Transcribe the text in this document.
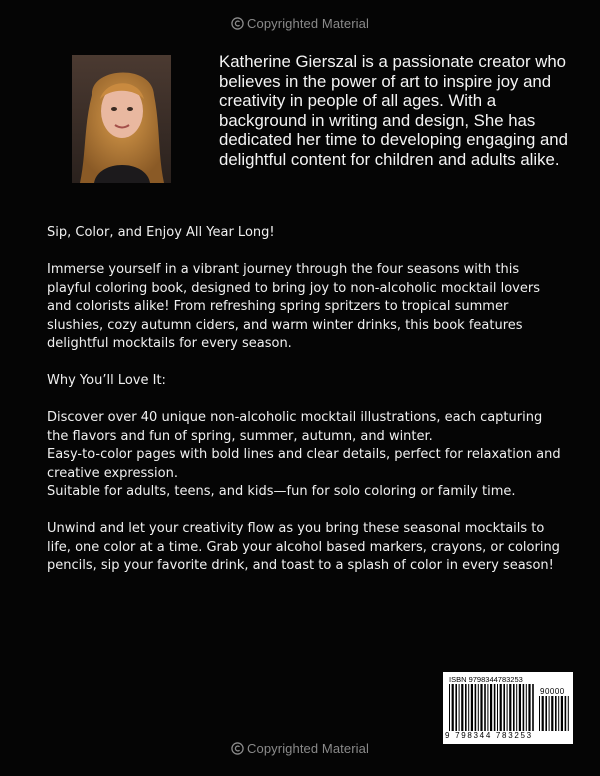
Copyrighted Material

Katherine Gierszal is a passionate creator who believes in the power of art to inspire joy and creativity in people of all ages. With a background in writing and design, She has dedicated her time to developing engaging and delightful content for children and adults alike.

Sip, Color, and Enjoy All Year Long!

Immerse yourself in a vibrant journey through the four seasons with this playful coloring book, designed to bring joy to non-alcoholic mocktail lovers and colorists alike! From refreshing spring spritzers to tropical summer slushies, cozy autumn ciders, and warm winter drinks, this book features delightful mocktails for every season.

Why You’ll Love It:

Discover over 40 unique non-alcoholic mocktail illustrations, each capturing the flavors and fun of spring, summer, autumn, and winter.

Easy-to-color pages with bold lines and clear details, perfect for relaxation and creative expression.

Suitable for adults, teens, and kids—fun for solo coloring or family time.

Unwind and let your creativity flow as you bring these seasonal mocktails to life, one color at a time. Grab your alcohol based markers, crayons, or coloring pencils, sip your favorite drink, and toast to a splash of color in every season!

ISBN 9798344783253
90000
9 798344 783253
Copyrighted Material
